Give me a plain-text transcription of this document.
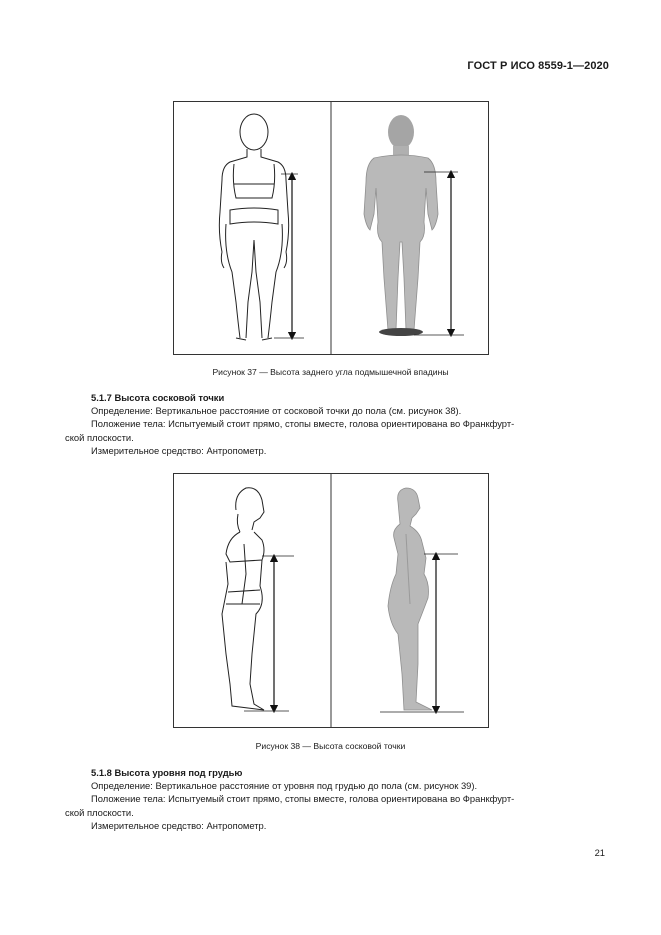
ГОСТ Р ИСО 8559-1—2020
Рисунок 37 — Высота заднего угла подмышечной впадины
5.1.7 Высота сосковой точки
Определение: Вертикальное расстояние от сосковой точки до пола (см. рисунок 38).
Положение тела: Испытуемый стоит прямо, стопы вместе, голова ориентирована во Франкфурт-
ской плоскости.
Измерительное средство: Антропометр.
Рисунок 38 — Высота сосковой точки
5.1.8 Высота уровня под грудью
Определение: Вертикальное расстояние от уровня под грудью до пола (см. рисунок 39).
Положение тела: Испытуемый стоит прямо, стопы вместе, голова ориентирована во Франкфурт-
ской плоскости.
Измерительное средство: Антропометр.
21
